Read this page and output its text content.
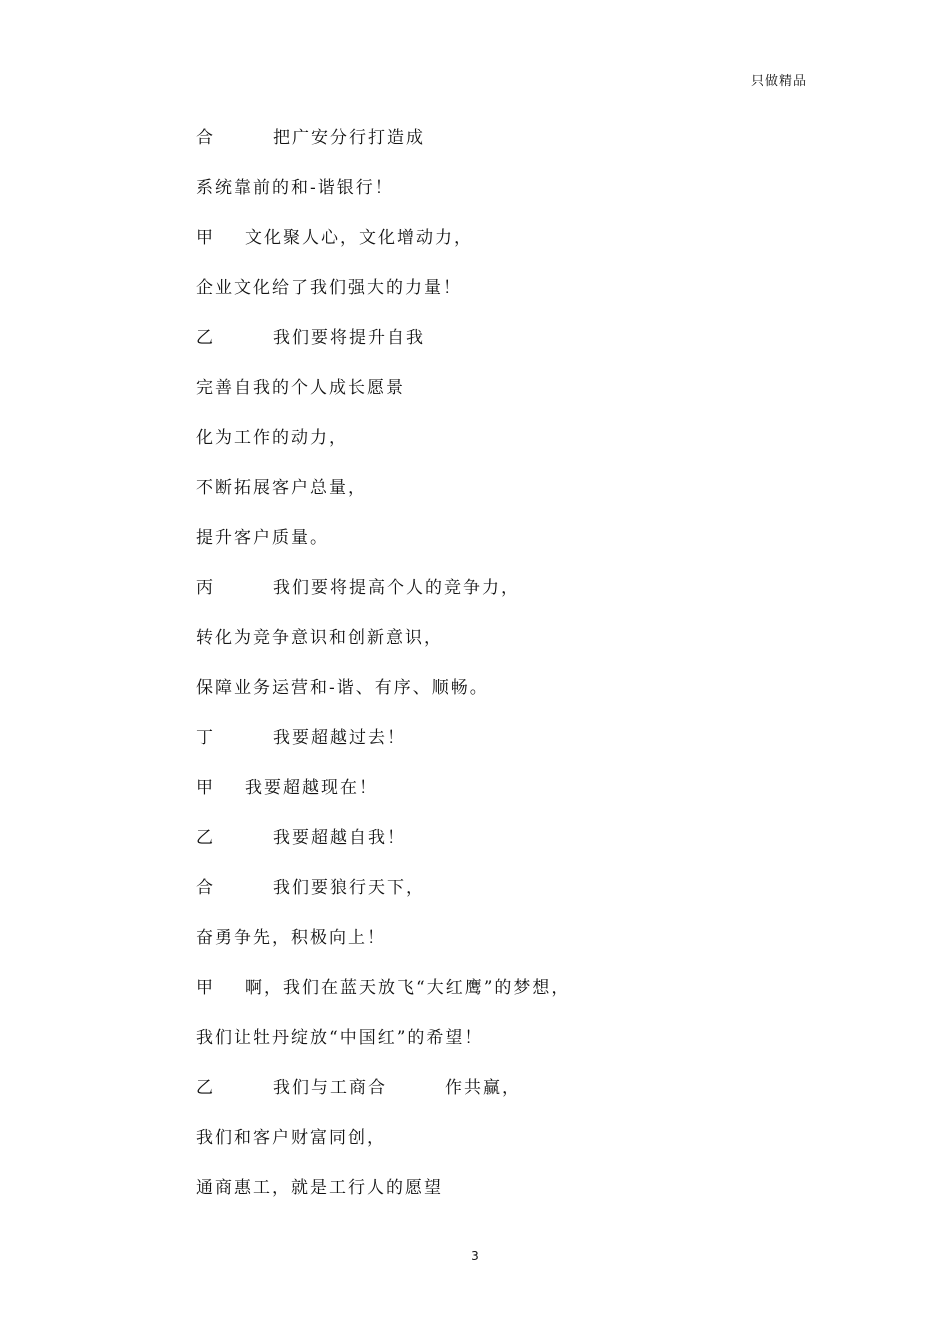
只做精品
合	把广安分行打造成
系统靠前的和-谐银行！
甲	文化聚人心，文化增动力，
企业文化给了我们强大的力量！
乙	我们要将提升自我
完善自我的个人成长愿景
化为工作的动力，
不断拓展客户总量，
提升客户质量。
丙	我们要将提高个人的竞争力，
转化为竞争意识和创新意识，
保障业务运营和-谐、有序、顺畅。
丁	我要超越过去！
甲	我要超越现在！
乙	我要超越自我！
合	我们要狼行天下，
奋勇争先，积极向上！
甲	啊，我们在蓝天放飞“大红鹰”的梦想，
我们让牡丹绽放“中国红”的希望！
乙	我们与工商合	作共赢，
我们和客户财富同创，
通商惠工，就是工行人的愿望
3
